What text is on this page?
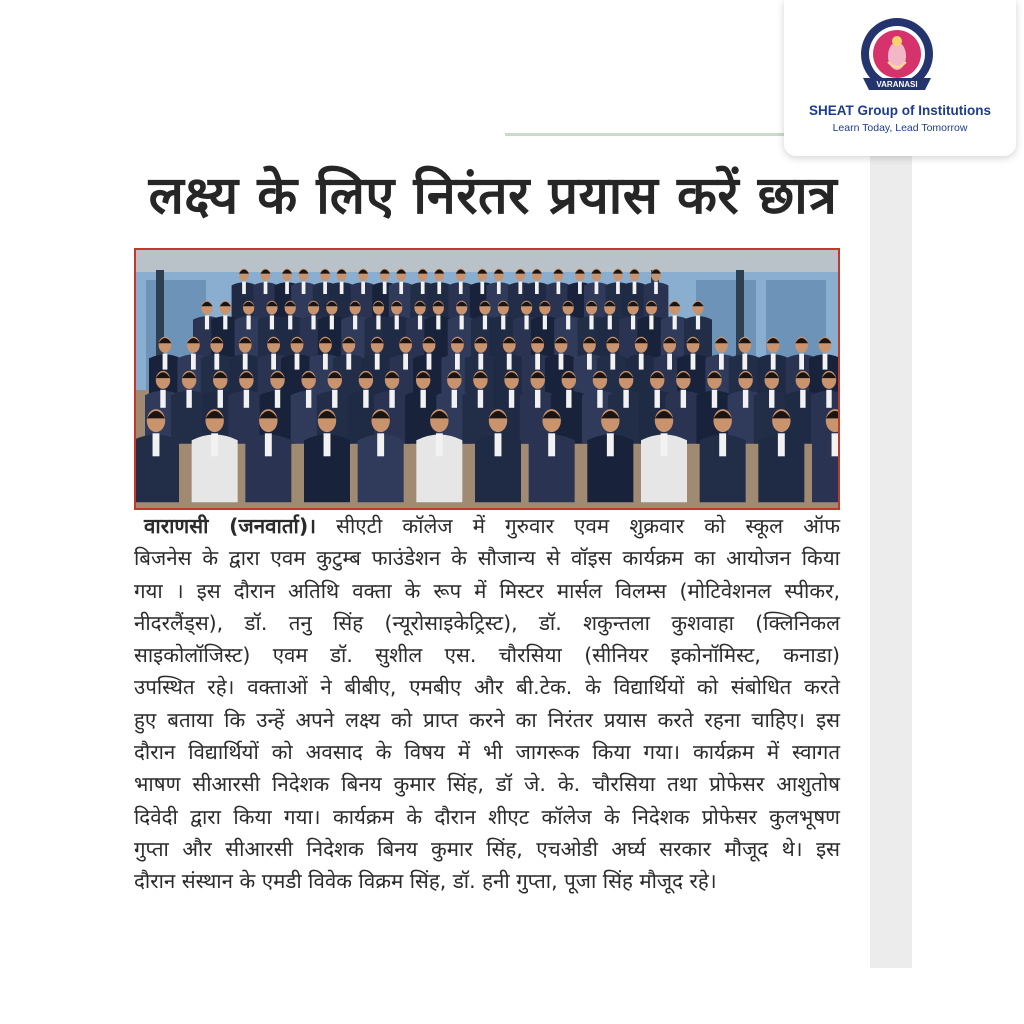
लक्ष्य के लिए निरंतर प्रयास करें छात्र
वाराणसी (जनवार्ता)। सीएटी कॉलेज में गुरुवार एवम शुक्रवार को स्कूल ऑफ
बिजनेस के द्वारा एवम कुटुम्ब फाउंडेशन के सौजान्य से वॉइस कार्यक्रम का आयोजन किया
गया । इस दौरान अतिथि वक्ता के रूप में मिस्टर मार्सल विलम्स (मोटिवेशनल स्पीकर,
नीदरलैंड्स), डॉ. तनु सिंह (न्यूरोसाइकेट्रिस्ट), डॉ. शकुन्तला कुशवाहा (क्लिनिकल
साइकोलॉजिस्ट) एवम डॉ. सुशील एस. चौरसिया (सीनियर इकोनॉमिस्ट, कनाडा)
उपस्थित रहे। वक्ताओं ने बीबीए, एमबीए और बी.टेक. के विद्यार्थियों को संबोधित करते
हुए बताया कि उन्हें अपने लक्ष्य को प्राप्त करने का निरंतर प्रयास करते रहना चाहिए। इस
दौरान विद्यार्थियों को अवसाद के विषय में भी जागरूक किया गया। कार्यक्रम में स्वागत
भाषण सीआरसी निदेशक बिनय कुमार सिंह, डॉ जे. के. चौरसिया तथा प्रोफेसर आशुतोष
दिवेदी द्वारा किया गया। कार्यक्रम के दौरान शीएट कॉलेज के निदेशक प्रोफेसर कुलभूषण
गुप्ता और सीआरसी निदेशक बिनय कुमार सिंह, एचओडी अर्घ्य सरकार मौजूद थे। इस
दौरान संस्थान के एमडी विवेक विक्रम सिंह, डॉ. हनी गुप्ता, पूजा सिंह मौजूद रहे।
VARANASI
SHEAT Group of Institutions
Learn Today, Lead Tomorrow
